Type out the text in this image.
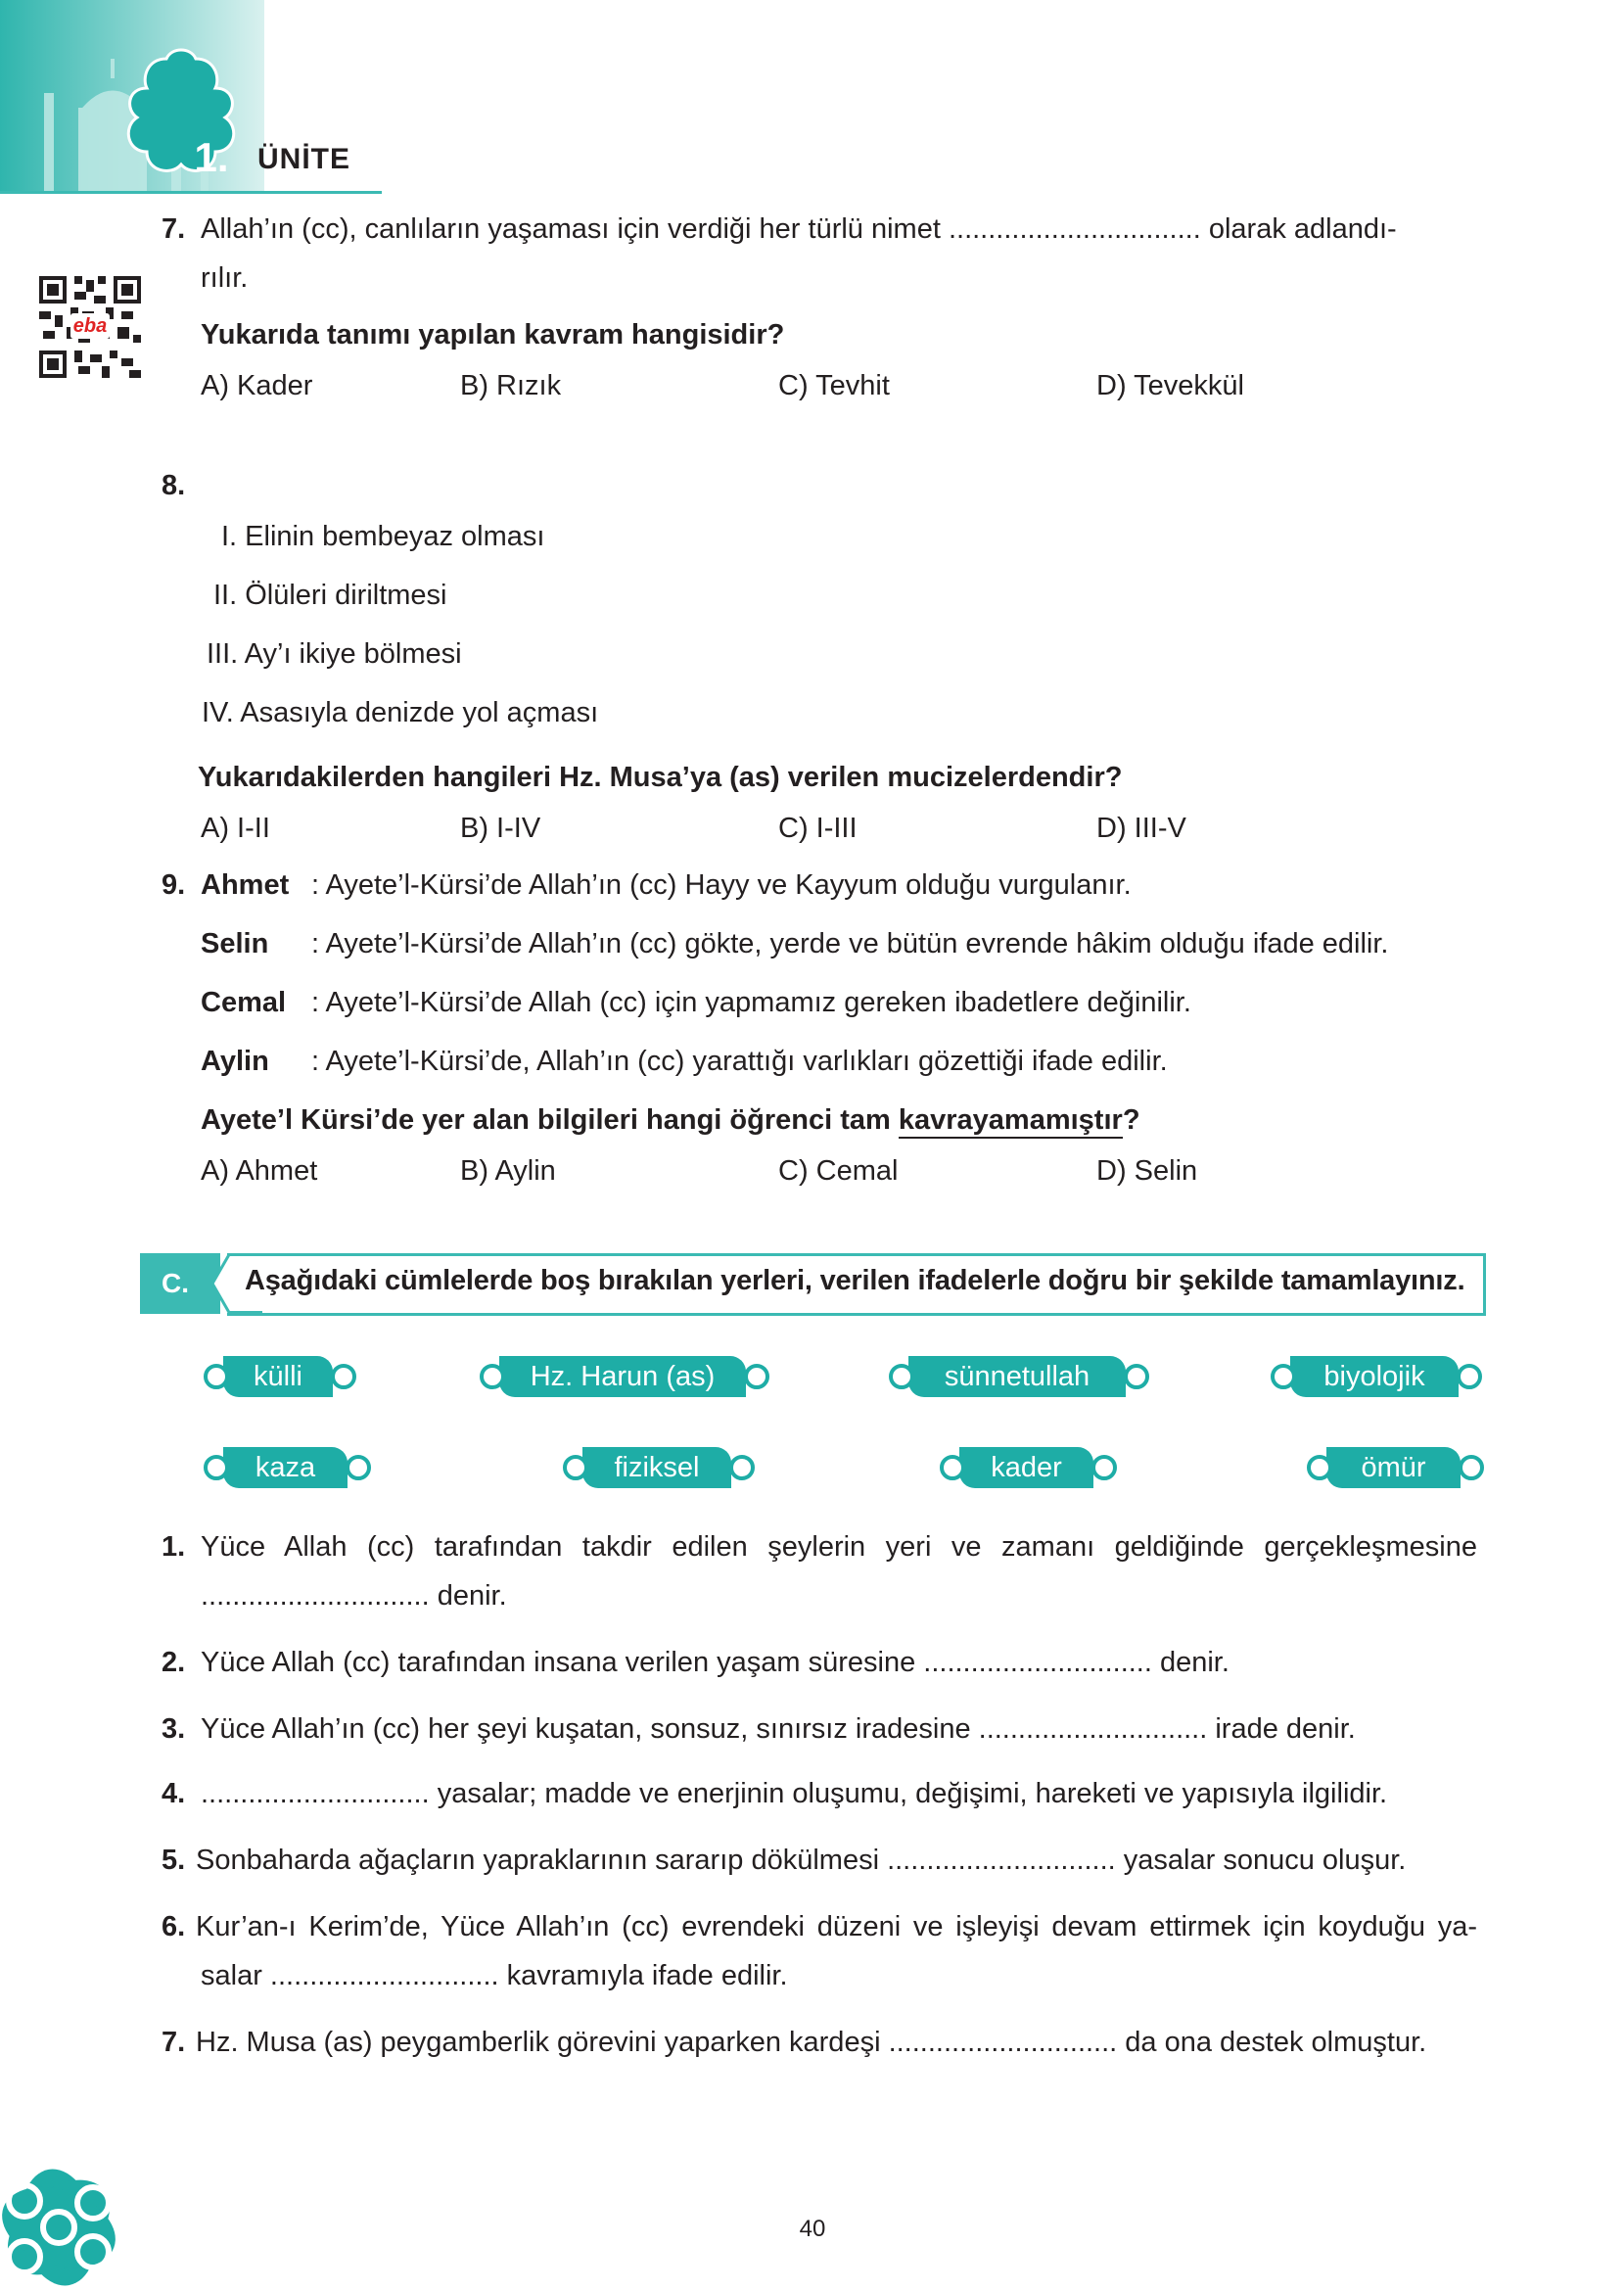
1. ÜNİTE
eba
7. Allah’ın (cc), canlıların yaşaması için verdiği her türlü nimet ................................ olarak adlandı-
rılır.
Yukarıda tanımı yapılan kavram hangisidir?
A) Kader	B) Rızık	C) Tevhit	D) Tevekkül
8.
I. Elinin bembeyaz olması
II. Ölüleri diriltmesi
III. Ay’ı ikiye bölmesi
IV. Asasıyla denizde yol açması
Yukarıdakilerden hangileri Hz. Musa’ya (as) verilen mucizelerdendir?
A) I-II	B) I-IV	C) I-III	D) III-V
9. Ahmet : Ayete’l-Kürsi’de Allah’ın (cc) Hayy ve Kayyum olduğu vurgulanır.
Selin : Ayete’l-Kürsi’de Allah’ın (cc) gökte, yerde ve bütün evrende hâkim olduğu ifade edilir.
Cemal : Ayete’l-Kürsi’de Allah (cc) için yapmamız gereken ibadetlere değinilir.
Aylin : Ayete’l-Kürsi’de, Allah’ın (cc) yarattığı varlıkları gözettiği ifade edilir.
Ayete’l Kürsi’de yer alan bilgileri hangi öğrenci tam kavrayamamıştır?
A) Ahmet	B) Aylin	C) Cemal	D) Selin
C.	Aşağıdaki cümlelerde boş bırakılan yerleri, verilen ifadelerle doğru bir şekilde tamamlayınız.
külli	Hz. Harun (as)	sünnetullah	biyolojik
kaza	fiziksel	kader	ömür
1. Yüce Allah (cc) tarafından takdir edilen şeylerin yeri ve zamanı geldiğinde gerçekleşmesine
............................. denir.
2. Yüce Allah (cc) tarafından insana verilen yaşam süresine ............................. denir.
3. Yüce Allah’ın (cc) her şeyi kuşatan, sonsuz, sınırsız iradesine ............................. irade denir.
4. ............................. yasalar; madde ve enerjinin oluşumu, değişimi, hareketi ve yapısıyla ilgilidir.
5. Sonbaharda ağaçların yapraklarının sararıp dökülmesi ............................. yasalar sonucu oluşur.
6. Kur’an-ı Kerim’de, Yüce Allah’ın (cc) evrendeki düzeni ve işleyişi devam ettirmek için koyduğu ya-
salar ............................. kavramıyla ifade edilir.
7. Hz. Musa (as) peygamberlik görevini yaparken kardeşi ............................. da ona destek olmuştur.
40
